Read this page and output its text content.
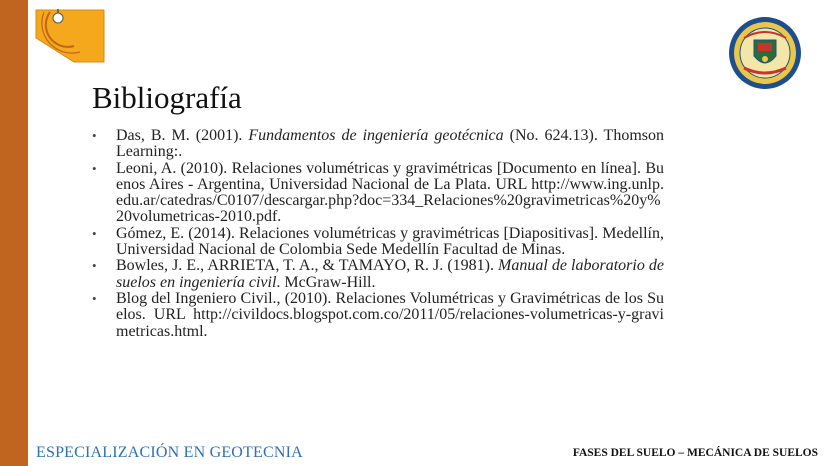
Bibliografía
• Das, B. M. (2001). Fundamentos de ingeniería geotécnica (No. 624.13). Thomson Learning:.
• Leoni, A. (2010). Relaciones volumétricas y gravimétricas [Documento en línea]. Buenos Aires - Argentina, Universidad Nacional de La Plata. URL http://www.ing.unlp.edu.ar/catedras/C0107/descargar.php?doc=334_Relaciones%20gravimetricas%20y%20volumetricas-2010.pdf.
• Gómez, E. (2014). Relaciones volumétricas y gravimétricas [Diapositivas]. Medellín, Universidad Nacional de Colombia Sede Medellín Facultad de Minas.
• Bowles, J. E., ARRIETA, T. A., & TAMAYO, R. J. (1981). Manual de laboratorio de suelos en ingeniería civil. McGraw-Hill.
• Blog del Ingeniero Civil., (2010). Relaciones Volumétricas y Gravimétricas de los Suelos. URL http://civildocs.blogspot.com.co/2011/05/relaciones-volumetricas-y-gravimetricas.html.
ESPECIALIZACIÓN EN GEOTECNIA	FASES DEL SUELO – MECÁNICA DE SUELOS
